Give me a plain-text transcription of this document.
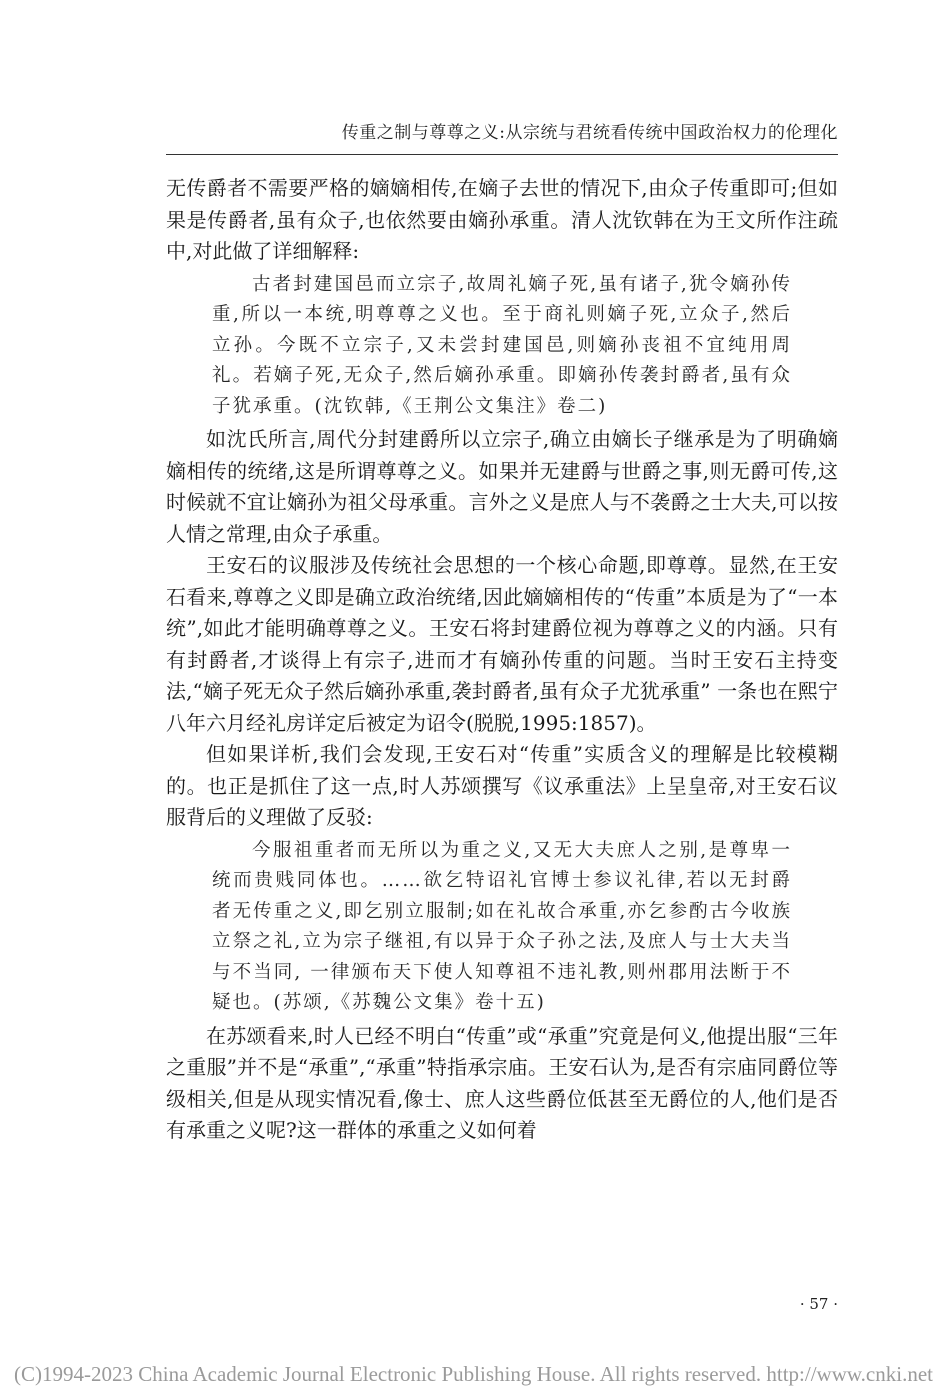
传重之制与尊尊之义:从宗统与君统看传统中国政治权力的伦理化

无传爵者不需要严格的嫡嫡相传,在嫡子去世的情况下,由众子传重即可;但如果是传爵者,虽有众子,也依然要由嫡孙承重。清人沈钦韩在为王文所作注疏中,对此做了详细解释:

古者封建国邑而立宗子,故周礼嫡子死,虽有诸子,犹令嫡孙传重,所以一本统,明尊尊之义也。至于商礼则嫡子死,立众子,然后立孙。今既不立宗子,又未尝封建国邑,则嫡孙丧祖不宜纯用周礼。若嫡子死,无众子,然后嫡孙承重。即嫡孙传袭封爵者,虽有众子犹承重。(沈钦韩,《王荆公文集注》卷二)

如沈氏所言,周代分封建爵所以立宗子,确立由嫡长子继承是为了明确嫡嫡相传的统绪,这是所谓尊尊之义。如果并无建爵与世爵之事,则无爵可传,这时候就不宜让嫡孙为祖父母承重。言外之义是庶人与不袭爵之士大夫,可以按人情之常理,由众子承重。

王安石的议服涉及传统社会思想的一个核心命题,即尊尊。显然,在王安石看来,尊尊之义即是确立政治统绪,因此嫡嫡相传的“传重”本质是为了“一本统”,如此才能明确尊尊之义。王安石将封建爵位视为尊尊之义的内涵。只有有封爵者,才谈得上有宗子,进而才有嫡孙传重的问题。当时王安石主持变法,“嫡子死无众子然后嫡孙承重,袭封爵者,虽有众子尤犹承重” 一条也在熙宁八年六月经礼房详定后被定为诏令(脱脱,1995:1857)。

但如果详析,我们会发现,王安石对“传重”实质含义的理解是比较模糊的。也正是抓住了这一点,时人苏颂撰写《议承重法》上呈皇帝,对王安石议服背后的义理做了反驳:

今服祖重者而无所以为重之义,又无大夫庶人之别,是尊卑一统而贵贱同体也。……欲乞特诏礼官博士参议礼律,若以无封爵者无传重之义,即乞别立服制;如在礼故合承重,亦乞参酌古今收族立祭之礼,立为宗子继祖,有以异于众子孙之法,及庶人与士大夫当与不当同, 一律颁布天下使人知尊祖不违礼教,则州郡用法断于不疑也。(苏颂,《苏魏公文集》卷十五)

在苏颂看来,时人已经不明白“传重”或“承重”究竟是何义,他提出服“三年之重服”并不是“承重”,“承重”特指承宗庙。王安石认为,是否有宗庙同爵位等级相关,但是从现实情况看,像士、庶人这些爵位低甚至无爵位的人,他们是否有承重之义呢?这一群体的承重之义如何着

· 57 ·
(C)1994-2023 China Academic Journal Electronic Publishing House. All rights reserved. http://www.cnki.net
